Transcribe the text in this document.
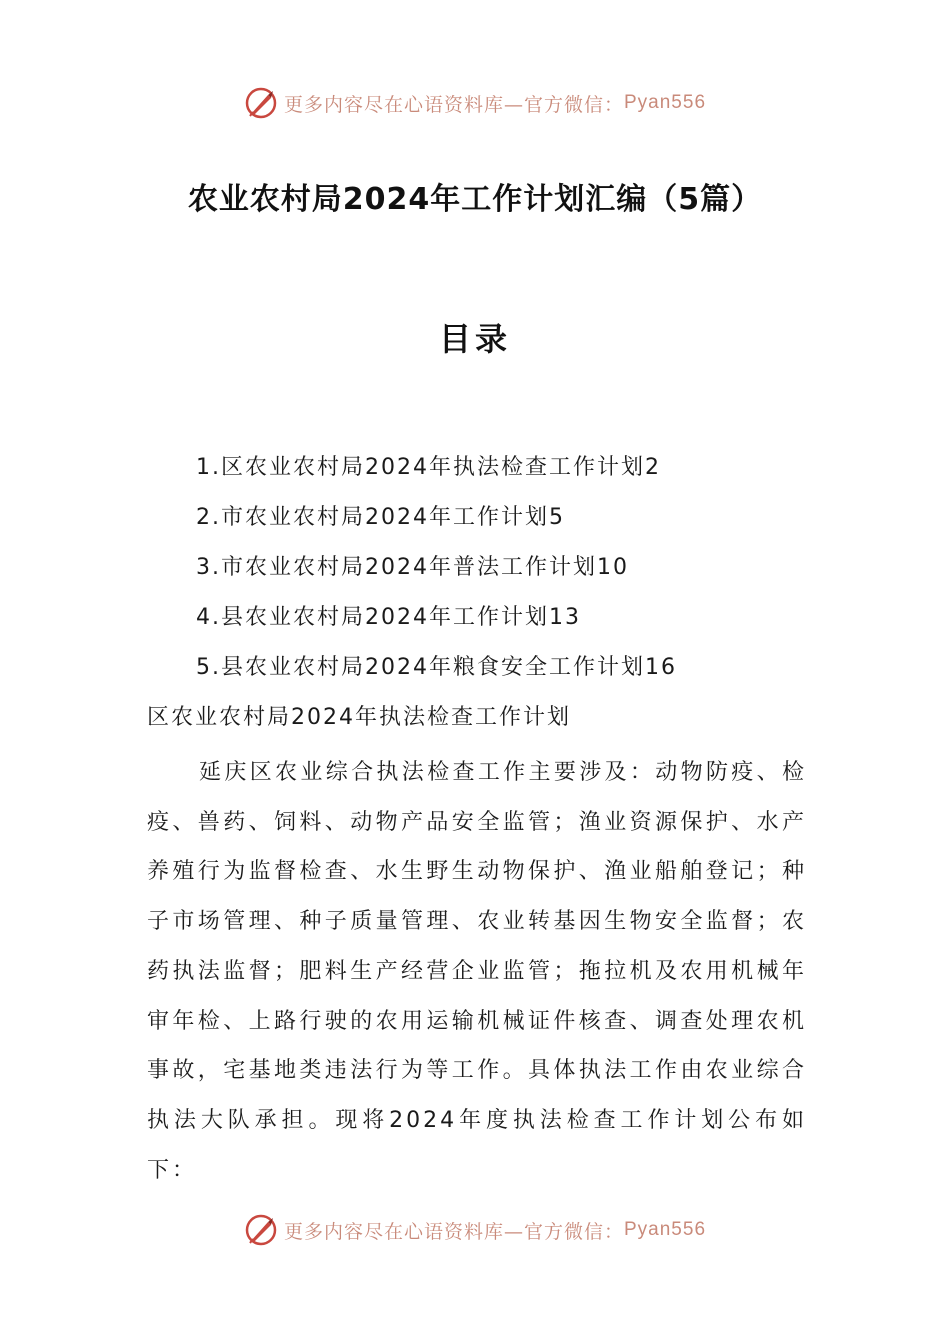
更多内容尽在心语资料库—官方微信： Pyan556
农业农村局2024年工作计划汇编（5篇）
目录
1.区农业农村局2024年执法检查工作计划2
2.市农业农村局2024年工作计划5
3.市农业农村局2024年普法工作计划10
4.县农业农村局2024年工作计划13
5.县农业农村局2024年粮食安全工作计划16
区农业农村局2024年执法检查工作计划

延庆区农业综合执法检查工作主要涉及：动物防疫、检疫、兽药、饲料、动物产品安全监管；渔业资源保护、水产养殖行为监督检查、水生野生动物保护、渔业船舶登记；种子市场管理、种子质量管理、农业转基因生物安全监督；农药执法监督；肥料生产经营企业监管；拖拉机及农用机械年审年检、上路行驶的农用运输机械证件核查、调查处理农机事故，宅基地类违法行为等工作。具体执法工作由农业综合执法大队承担。现将2024年度执法检查工作计划公布如下：

更多内容尽在心语资料库—官方微信： Pyan556
